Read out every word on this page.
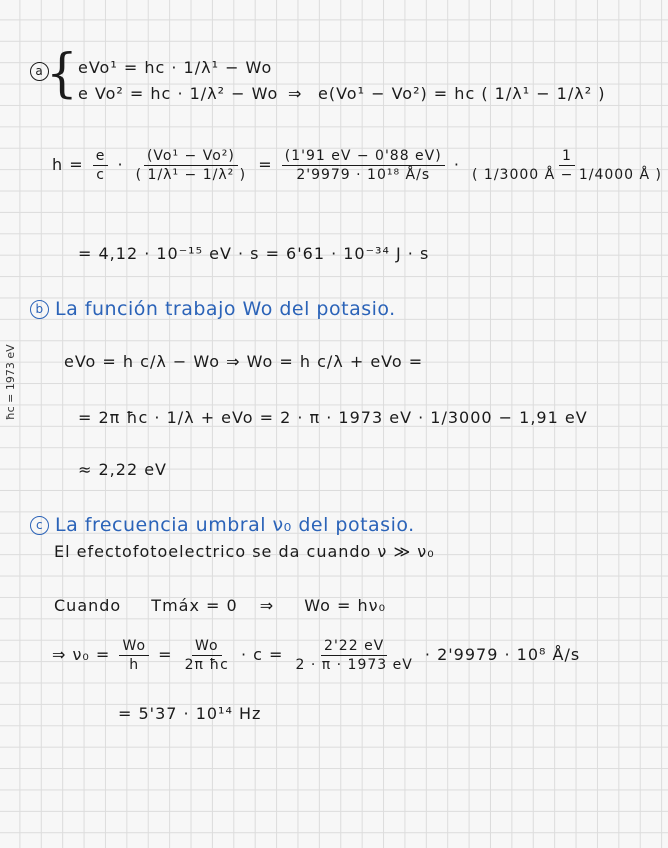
a { eVo¹ = hc · 1/λ¹ − Wo
e Vo² = hc · 1/λ² − Wo ⇒ e(Vo¹ − Vo²) = hc ( 1/λ¹ − 1/λ² )
$h = \frac{e}{c} \cdot \frac{\text{(Vo¹ − Vo²)}}{\text{( 1/λ¹ − 1/λ² )}} = \frac{(1'91 eV - 0'88 eV)}{\text{2'9979 · 10¹⁸ Å/s}} \cdot \frac{1}{( 1/3000 Å - 1/4000 Å )}$
= 4,12 · 10⁻¹⁵ eV · s = 6'61 · 10⁻³⁴ J · s
b La función trabajo Wo del potasio.
eVo = h c/λ − Wo ⇒ Wo = h c/λ + eVo =
= 2π ħc · 1/λ + eVo = 2 · π · 1973 eV · 1/3000 − 1,91 eV
≈ 2,22 eV
ħc = 1973 eV
c La frecuencia umbral ν₀ del potasio.
El efectofotoelectrico se da cuando ν ≫ ν₀
Cuando Tmáx = 0 ⇒ Wo = hν₀
⇒ $\nu_0 = \frac{Wo}{h} = \frac{Wo}{\text{2π ħc}} \cdot c = \frac{2'22 eV}{2 \cdot \pi \cdot 1973 eV} \cdot 2'9979 \cdot 10^8$ Å/s
= 5'37 · 10¹⁴ Hz
